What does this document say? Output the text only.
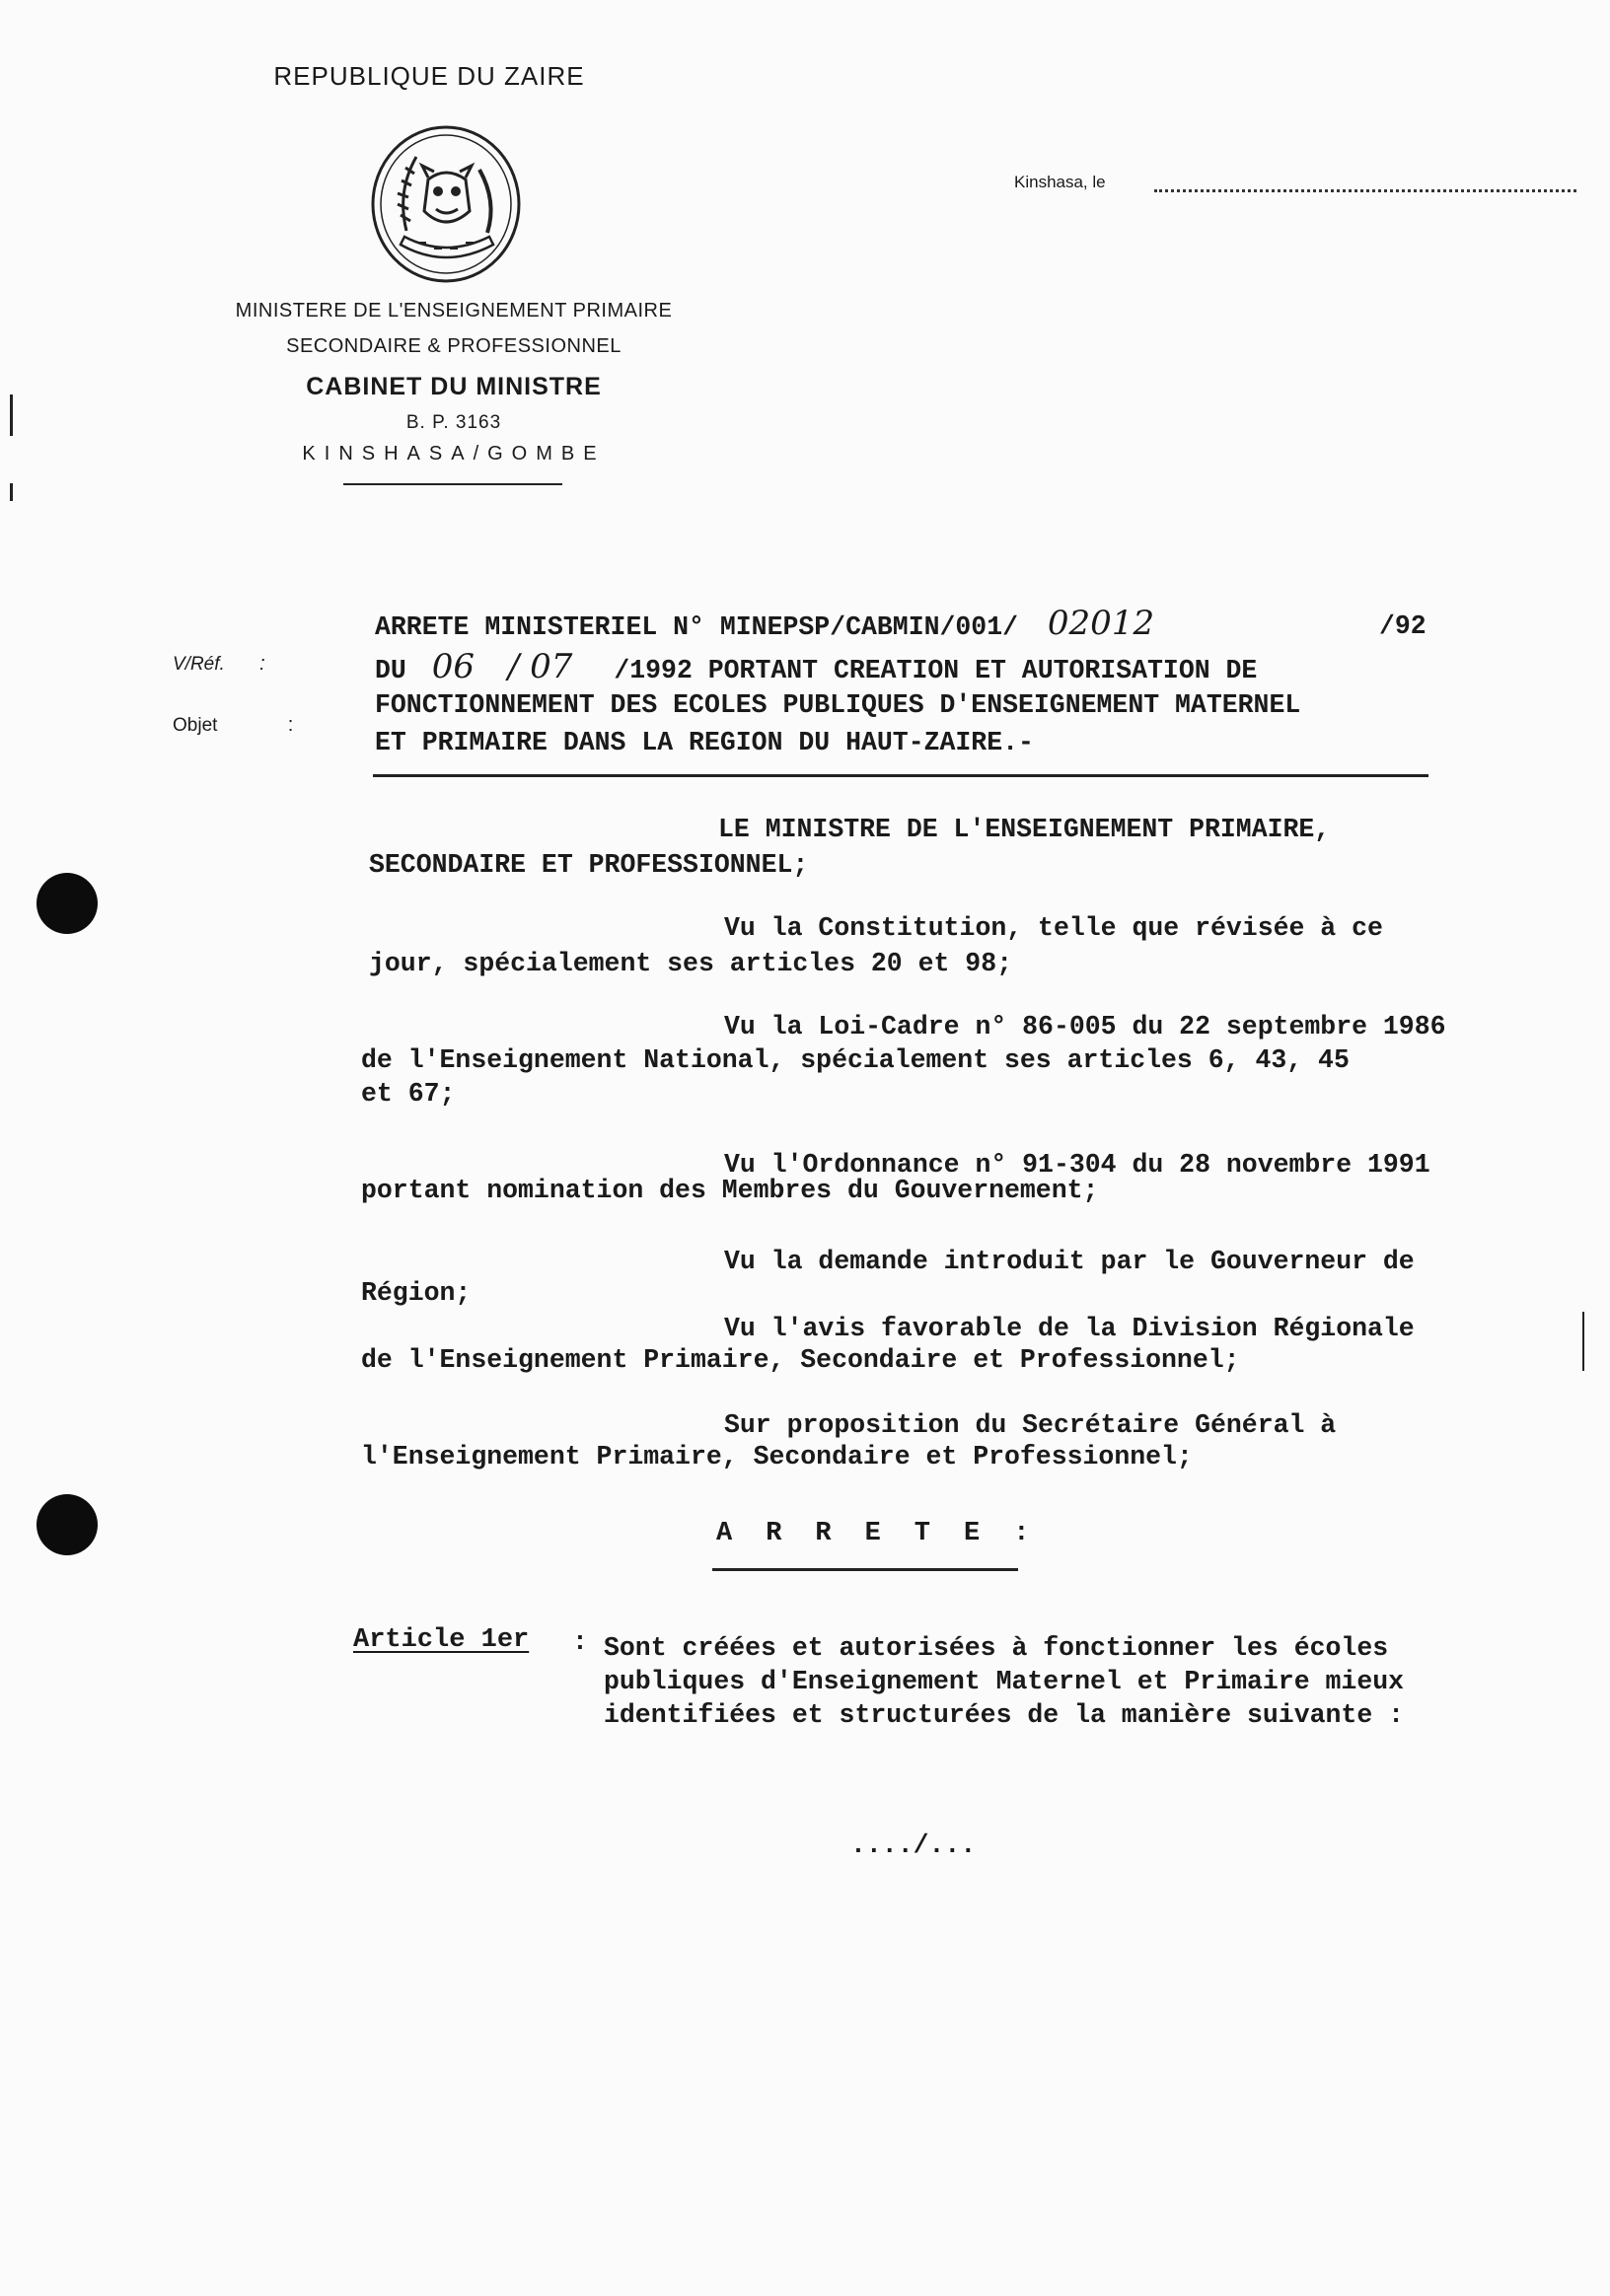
REPUBLIQUE DU ZAIRE
MINISTERE DE L'ENSEIGNEMENT PRIMAIRE
SECONDAIRE & PROFESSIONNEL
CABINET DU MINISTRE
B. P. 3163
KINSHASA/GOMBE
Kinshasa, le
V/Réf. :
Objet	:
ARRETE MINISTERIEL N° MINEPSP/CABMIN/001/ 02012	/92
DU 06 / 07 /1992 PORTANT CREATION ET AUTORISATION DE
FONCTIONNEMENT DES ECOLES PUBLIQUES D'ENSEIGNEMENT MATERNEL
ET PRIMAIRE DANS LA REGION DU HAUT-ZAIRE.-
LE MINISTRE DE L'ENSEIGNEMENT PRIMAIRE,
SECONDAIRE ET PROFESSIONNEL;
Vu la Constitution, telle que révisée à ce
jour, spécialement ses articles 20 et 98;
Vu la Loi-Cadre n° 86-005 du 22 septembre 1986
de l'Enseignement National, spécialement ses articles 6, 43, 45
et 67;
Vu l'Ordonnance n° 91-304 du 28 novembre 1991
portant nomination des Membres du Gouvernement;
Vu la demande introduit par le Gouverneur de
Région;
Vu l'avis favorable de la Division Régionale
de l'Enseignement Primaire, Secondaire et Professionnel;
Sur proposition du Secrétaire Général à
l'Enseignement Primaire, Secondaire et Professionnel;
ARRETE:
Article 1er : Sont créées et autorisées à fonctionner les écoles
publiques d'Enseignement Maternel et Primaire mieux
identifiées et structurées de la manière suivante :
..../...
